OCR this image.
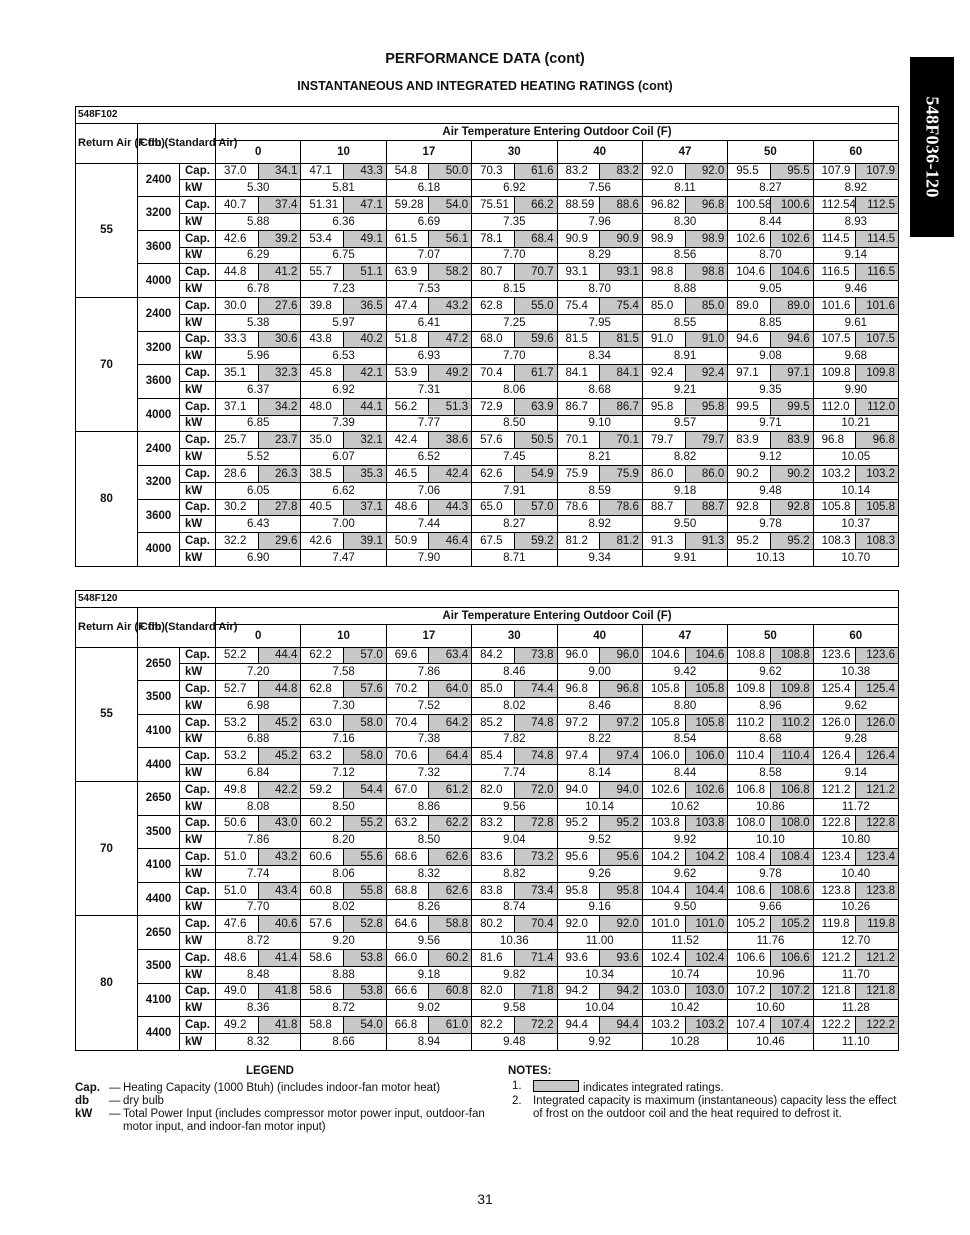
PERFORMANCE DATA (cont)
INSTANTANEOUS AND INTEGRATED HEATING RATINGS (cont)
548F036-120
548F102																		
Return Air (F db)	Cfm (Standard Air)		Air Temperature Entering Outdoor Coil (F)															
			0		10		17		30		40		47		50		60	
55	2400	Cap.	37.0	34.1	47.1	43.3	54.8	50.0	70.3	61.6	83.2	83.2	92.0	92.0	95.5	95.5	107.9	107.9
		kW	5.30		5.81		6.18		6.92		7.56		8.11		8.27		8.92	
	3200	Cap.	40.7	37.4	51.31	47.1	59.28	54.0	75.51	66.2	88.59	88.6	96.82	96.8	100.58	100.6	112.54	112.5
		kW	5.88		6.36		6.69		7.35		7.96		8.30		8.44		8.93	
	3600	Cap.	42.6	39.2	53.4	49.1	61.5	56.1	78.1	68.4	90.9	90.9	98.9	98.9	102.6	102.6	114.5	114.5
		kW	6.29		6.75		7.07		7.70		8.29		8.56		8.70		9.14	
	4000	Cap.	44.8	41.2	55.7	51.1	63.9	58.2	80.7	70.7	93.1	93.1	98.8	98.8	104.6	104.6	116.5	116.5
		kW	6.78		7.23		7.53		8.15		8.70		8.88		9.05		9.46	
70	2400	Cap.	30.0	27.6	39.8	36.5	47.4	43.2	62.8	55.0	75.4	75.4	85.0	85.0	89.0	89.0	101.6	101.6
		kW	5.38		5.97		6.41		7.25		7.95		8.55		8.85		9.61	
	3200	Cap.	33.3	30.6	43.8	40.2	51.8	47.2	68.0	59.6	81.5	81.5	91.0	91.0	94.6	94.6	107.5	107.5
		kW	5.96		6.53		6.93		7.70		8.34		8.91		9.08		9.68	
	3600	Cap.	35.1	32.3	45.8	42.1	53.9	49.2	70.4	61.7	84.1	84.1	92.4	92.4	97.1	97.1	109.8	109.8
		kW	6.37		6.92		7.31		8.06		8.68		9.21		9.35		9.90	
	4000	Cap.	37.1	34.2	48.0	44.1	56.2	51.3	72.9	63.9	86.7	86.7	95.8	95.8	99.5	99.5	112.0	112.0
		kW	6.85		7.39		7.77		8.50		9.10		9.57		9.71		10.21	
80	2400	Cap.	25.7	23.7	35.0	32.1	42.4	38.6	57.6	50.5	70.1	70.1	79.7	79.7	83.9	83.9	96.8	96.8
		kW	5.52		6.07		6.52		7.45		8.21		8.82		9.12		10.05	
	3200	Cap.	28.6	26.3	38.5	35.3	46.5	42.4	62.6	54.9	75.9	75.9	86.0	86.0	90.2	90.2	103.2	103.2
		kW	6.05		6.62		7.06		7.91		8.59		9.18		9.48		10.14	
	3600	Cap.	30.2	27.8	40.5	37.1	48.6	44.3	65.0	57.0	78.6	78.6	88.7	88.7	92.8	92.8	105.8	105.8
		kW	6.43		7.00		7.44		8.27		8.92		9.50		9.78		10.37	
	4000	Cap.	32.2	29.6	42.6	39.1	50.9	46.4	67.5	59.2	81.2	81.2	91.3	91.3	95.2	95.2	108.3	108.3
		kW	6.90		7.47		7.90		8.71		9.34		9.91		10.13		10.70	
548F120																		
Return Air (F db)	Cfm (Standard Air)		Air Temperature Entering Outdoor Coil (F)															
			0		10		17		30		40		47		50		60	
55	2650	Cap.	52.2	44.4	62.2	57.0	69.6	63.4	84.2	73.8	96.0	96.0	104.6	104.6	108.8	108.8	123.6	123.6
		kW	7.20		7.58		7.86		8.46		9.00		9.42		9.62		10.38	
	3500	Cap.	52.7	44.8	62.8	57.6	70.2	64.0	85.0	74.4	96.8	96.8	105.8	105.8	109.8	109.8	125.4	125.4
		kW	6.98		7.30		7.52		8.02		8.46		8.80		8.96		9.62	
	4100	Cap.	53.2	45.2	63.0	58.0	70.4	64.2	85.2	74.8	97.2	97.2	105.8	105.8	110.2	110.2	126.0	126.0
		kW	6.88		7.16		7.38		7.82		8.22		8.54		8.68		9.28	
	4400	Cap.	53.2	45.2	63.2	58.0	70.6	64.4	85.4	74.8	97.4	97.4	106.0	106.0	110.4	110.4	126.4	126.4
		kW	6.84		7.12		7.32		7.74		8.14		8.44		8.58		9.14	
70	2650	Cap.	49.8	42.2	59.2	54.4	67.0	61.2	82.0	72.0	94.0	94.0	102.6	102.6	106.8	106.8	121.2	121.2
		kW	8.08		8.50		8.86		9.56		10.14		10.62		10.86		11.72	
	3500	Cap.	50.6	43.0	60.2	55.2	63.2	62.2	83.2	72.8	95.2	95.2	103.8	103.8	108.0	108.0	122.8	122.8
		kW	7.86		8.20		8.50		9.04		9.52		9.92		10.10		10.80	
	4100	Cap.	51.0	43.2	60.6	55.6	68.6	62.6	83.6	73.2	95.6	95.6	104.2	104.2	108.4	108.4	123.4	123.4
		kW	7.74		8.06		8.32		8.82		9.26		9.62		9.78		10.40	
	4400	Cap.	51.0	43.4	60.8	55.8	68.8	62.6	83.8	73.4	95.8	95.8	104.4	104.4	108.6	108.6	123.8	123.8
		kW	7.70		8.02		8.26		8.74		9.16		9.50		9.66		10.26	
80	2650	Cap.	47.6	40.6	57.6	52.8	64.6	58.8	80.2	70.4	92.0	92.0	101.0	101.0	105.2	105.2	119.8	119.8
		kW	8.72		9.20		9.56		10.36		11.00		11.52		11.76		12.70	
	3500	Cap.	48.6	41.4	58.6	53.8	66.0	60.2	81.6	71.4	93.6	93.6	102.4	102.4	106.6	106.6	121.2	121.2
		kW	8.48		8.88		9.18		9.82		10.34		10.74		10.96		11.70	
	4100	Cap.	49.0	41.8	58.6	53.8	66.6	60.8	82.0	71.8	94.2	94.2	103.0	103.0	107.2	107.2	121.8	121.8
		kW	8.36		8.72		9.02		9.58		10.04		10.42		10.60		11.28	
	4400	Cap.	49.2	41.8	58.8	54.0	66.8	61.0	82.2	72.2	94.4	94.4	103.2	103.2	107.4	107.4	122.2	122.2
		kW	8.32		8.66		8.94		9.48		9.92		10.28		10.46		11.10	
LEGEND
Cap. — Heating Capacity (1000 Btuh) (includes indoor-fan motor heat)
db	— dry bulb
kW	— Total Power Input (includes compressor motor power input, outdoor-fan motor input, and indoor-fan motor input)
NOTES:
1.	indicates integrated ratings.
2. Integrated capacity is maximum (instantaneous) capacity less the effect of frost on the outdoor coil and the heat required to defrost it.
31
